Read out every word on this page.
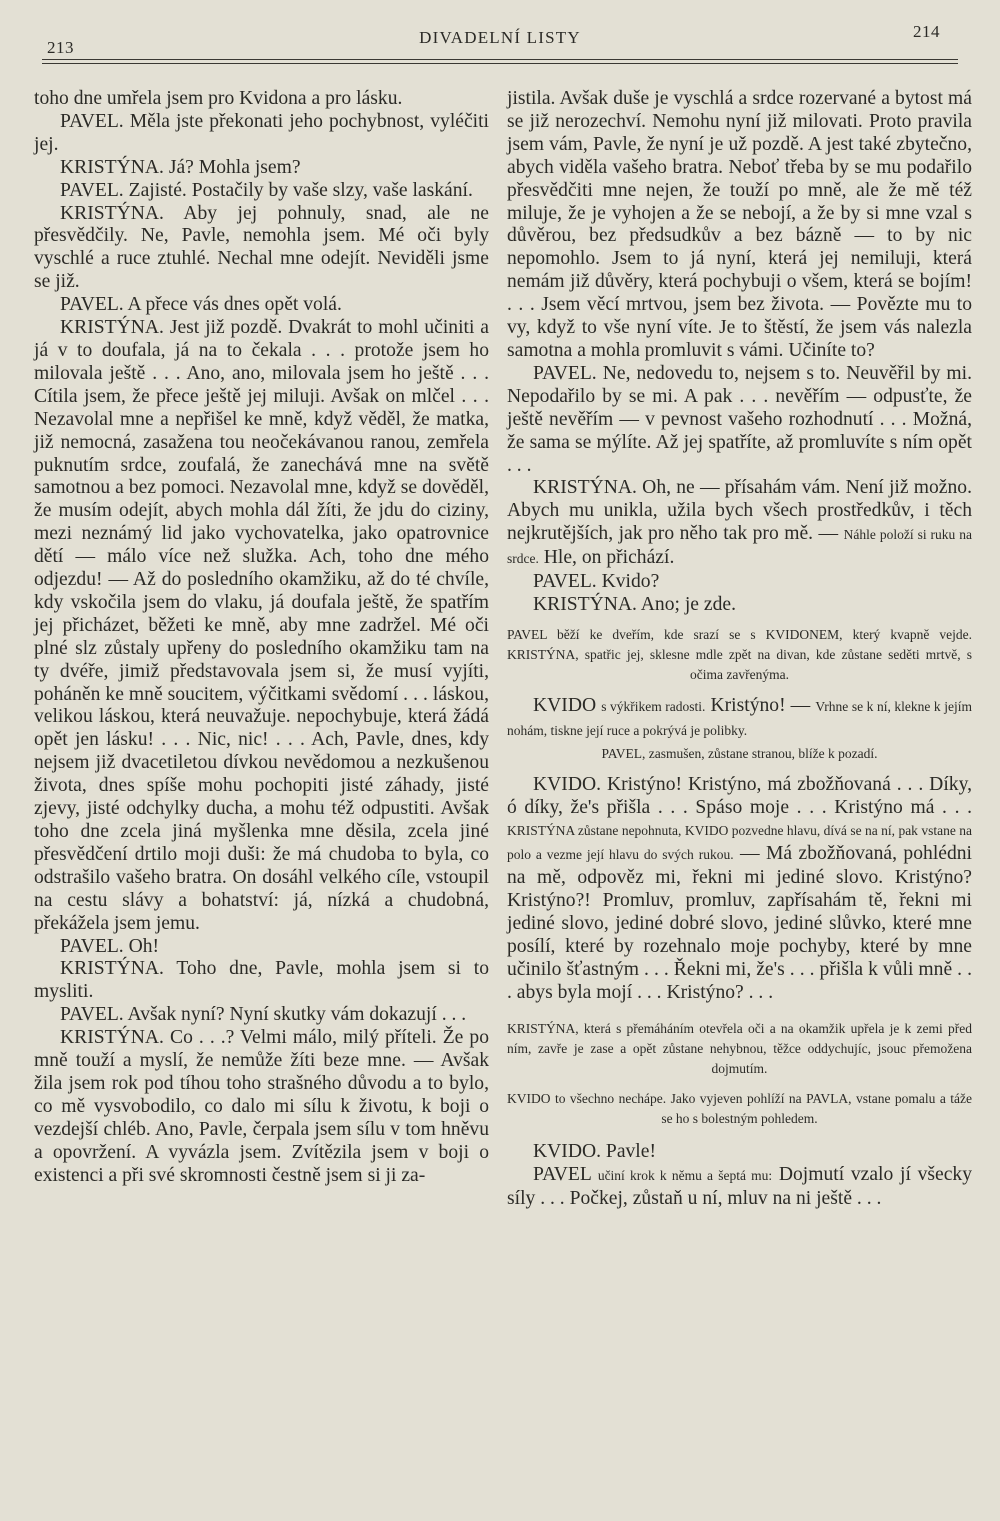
213
DIVADELNÍ LISTY	214

toho dne umřela jsem pro Kvidona a pro lásku.

PAVEL. Měla jste překonati jeho pochybnost, vyléčiti jej.

KRISTÝNA. Já? Mohla jsem?

PAVEL. Zajisté. Postačily by vaše slzy, vaše laskání.

KRISTÝNA. Aby jej pohnuly, snad, ale ne přesvědčily. Ne, Pavle, nemohla jsem. Mé oči byly vyschlé a ruce ztuhlé. Nechal mne odejít. Neviděli jsme se již.

PAVEL. A přece vás dnes opět volá.

KRISTÝNA. Jest již pozdě. Dvakrát to mohl učiniti a já v to doufala, já na to čekala . . . protože jsem ho milovala ještě . . . Ano, ano, milovala jsem ho ještě . . . Cítila jsem, že přece ještě jej miluji. Avšak on mlčel . . . Nezavolal mne a nepřišel ke mně, když věděl, že matka, již nemocná, zasažena tou neočekávanou ranou, zemřela puknutím srdce, zoufalá, že zanechává mne na světě samotnou a bez pomoci. Nezavolal mne, když se dověděl, že musím odejít, abych mohla dál žíti, že jdu do ciziny, mezi neznámý lid jako vychovatelka, jako opatrovnice dětí — málo více než služka. Ach, toho dne mého odjezdu! — Až do posledního okamžiku, až do té chvíle, kdy vskočila jsem do vlaku, já doufala ještě, že spatřím jej přicházet, běžeti ke mně, aby mne zadržel. Mé oči plné slz zůstaly upřeny do posledního okamžiku tam na ty dvéře, jimiž představovala jsem si, že musí vyjíti, poháněn ke mně soucitem, výčitkami svědomí . . . láskou, velikou láskou, která neuvažuje. nepochybuje, která žádá opět jen lásku! . . . Nic, nic! . . . Ach, Pavle, dnes, kdy nejsem již dvacetiletou dívkou nevědomou a nezkušenou života, dnes spíše mohu pochopiti jisté záhady, jisté zjevy, jisté odchylky ducha, a mohu též odpustiti. Avšak toho dne zcela jiná myšlenka mne děsila, zcela jiné přesvědčení drtilo moji duši: že má chudoba to byla, co odstrašilo vašeho bratra. On dosáhl velkého cíle, vstoupil na cestu slávy a bohatství: já, nízká a chudobná, překážela jsem jemu.

PAVEL. Oh!

KRISTÝNA. Toho dne, Pavle, mohla jsem si to mysliti.

PAVEL. Avšak nyní? Nyní skutky vám dokazují . . .

KRISTÝNA. Co . . .? Velmi málo, milý příteli. Že po mně touží a myslí, že nemůže žíti beze mne. — Avšak žila jsem rok pod tíhou toho strašného důvodu a to bylo, co mě vysvobodilo, co dalo mi sílu k životu, k boji o vezdejší chléb. Ano, Pavle, čerpala jsem sílu v tom hněvu a opovržení. A vyvázla jsem. Zvítězila jsem v boji o existenci a při své skromnosti čestně jsem si ji za-

jistila. Avšak duše je vyschlá a srdce rozervané a bytost má se již nerozechví. Nemohu nyní již milovati. Proto pravila jsem vám, Pavle, že nyní je už pozdě. A jest také zbytečno, abych viděla vašeho bratra. Neboť třeba by se mu podařilo přesvědčiti mne nejen, že touží po mně, ale že mě též miluje, že je vyhojen a že se nebojí, a že by si mne vzal s důvěrou, bez předsudkův a bez bázně — to by nic nepomohlo. Jsem to já nyní, která jej nemiluji, která nemám již důvěry, která pochybuji o všem, která se bojím! . . . Jsem věcí mrtvou, jsem bez života. — Povězte mu to vy, když to vše nyní víte. Je to štěstí, že jsem vás nalezla samotna a mohla promluvit s vámi. Učiníte to?

PAVEL. Ne, nedovedu to, nejsem s to. Neuvěřil by mi. Nepodařilo by se mi. A pak . . . nevěřím — odpusťte, že ještě nevěřím — v pevnost vašeho rozhodnutí . . . Možná, že sama se mýlíte. Až jej spatříte, až promluvíte s ním opět . . .

KRISTÝNA. Oh, ne — přísahám vám. Není již možno. Abych mu unikla, užila bych všech prostředkův, i těch nejkrutějších, jak pro něho tak pro mě. — Náhle položí si ruku na srdce. Hle, on přichází.

PAVEL. Kvido?

KRISTÝNA. Ano; je zde.

PAVEL běží ke dveřím, kde srazí se s KVIDONEM, který kvapně vejde. KRISTÝNA, spatřic jej, sklesne mdle zpět na divan, kde zůstane seděti mrtvě, s očima zavřenýma.

KVIDO s výkřikem radosti. Kristýno! — Vrhne se k ní, klekne k jejím nohám, tiskne její ruce a pokrývá je polibky.

PAVEL, zasmušen, zůstane stranou, blíže k pozadí.

KVIDO. Kristýno! Kristýno, má zbožňovaná . . . Díky, ó díky, že's přišla . . . Spáso moje . . . Kristýno má . . . KRISTÝNA zůstane nepohnuta, KVIDO pozvedne hlavu, dívá se na ní, pak vstane na polo a vezme její hlavu do svých rukou. — Má zbožňovaná, pohlédni na mě, odpověz mi, řekni mi jediné slovo. Kristýno? Kristýno?! Promluv, promluv, zapřísahám tě, řekni mi jediné slovo, jediné dobré slovo, jediné slůvko, které mne posílí, které by rozehnalo moje pochyby, které by mne učinilo šťastným . . . Řekni mi, že's . . . přišla k vůli mně . . . abys byla mojí . . . Kristýno? . . .

KRISTÝNA, která s přemáháním otevřela oči a na okamžik upřela je k zemi před ním, zavře je zase a opět zůstane nehybnou, těžce oddychujíc, jsouc přemožena dojmutím.

KVIDO to všechno nechápe. Jako vyjeven pohlíží na PAVLA, vstane pomalu a táže se ho s bolestným pohledem.

KVIDO. Pavle!

PAVEL učiní krok k němu a šeptá mu: Dojmutí vzalo jí všecky síly . . . Počkej, zůstaň u ní, mluv na ni ještě . . .
